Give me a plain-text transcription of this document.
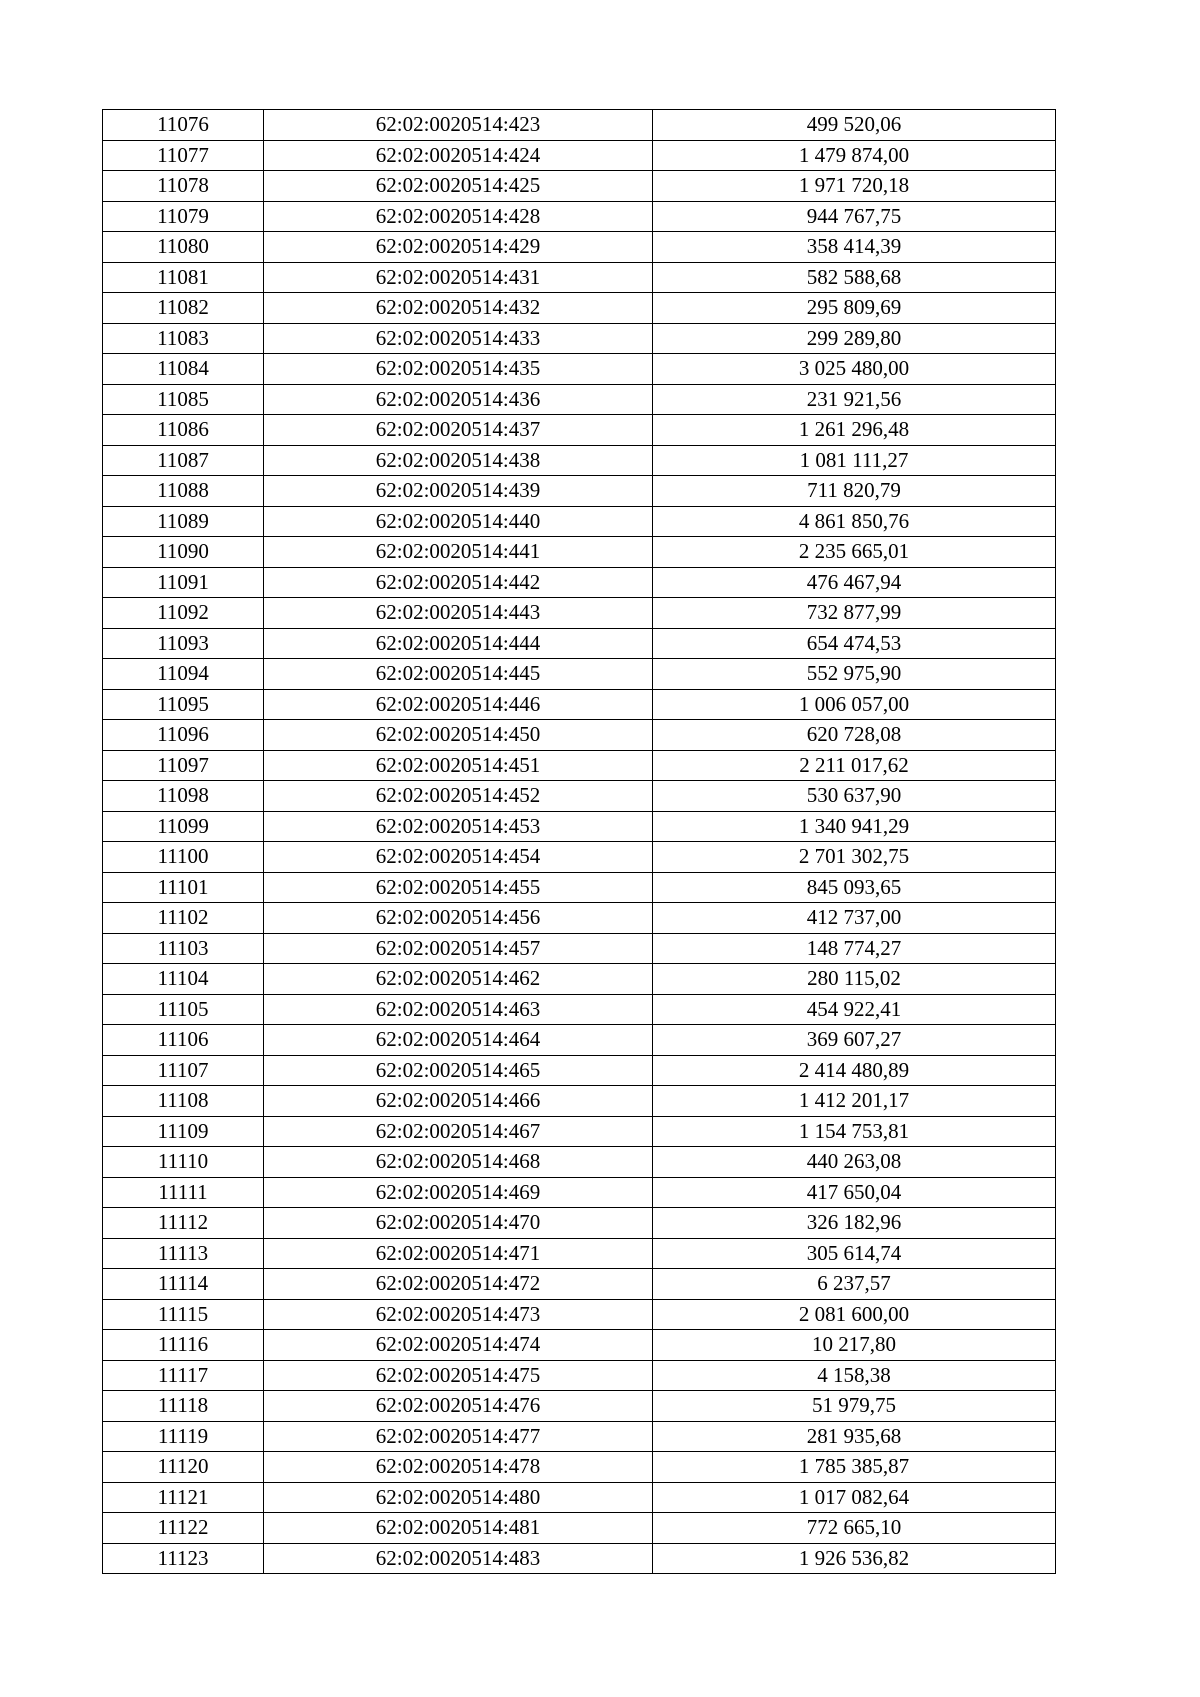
11076	62:02:0020514:423	499 520,06
11077	62:02:0020514:424	1 479 874,00
11078	62:02:0020514:425	1 971 720,18
11079	62:02:0020514:428	944 767,75
11080	62:02:0020514:429	358 414,39
11081	62:02:0020514:431	582 588,68
11082	62:02:0020514:432	295 809,69
11083	62:02:0020514:433	299 289,80
11084	62:02:0020514:435	3 025 480,00
11085	62:02:0020514:436	231 921,56
11086	62:02:0020514:437	1 261 296,48
11087	62:02:0020514:438	1 081 111,27
11088	62:02:0020514:439	711 820,79
11089	62:02:0020514:440	4 861 850,76
11090	62:02:0020514:441	2 235 665,01
11091	62:02:0020514:442	476 467,94
11092	62:02:0020514:443	732 877,99
11093	62:02:0020514:444	654 474,53
11094	62:02:0020514:445	552 975,90
11095	62:02:0020514:446	1 006 057,00
11096	62:02:0020514:450	620 728,08
11097	62:02:0020514:451	2 211 017,62
11098	62:02:0020514:452	530 637,90
11099	62:02:0020514:453	1 340 941,29
11100	62:02:0020514:454	2 701 302,75
11101	62:02:0020514:455	845 093,65
11102	62:02:0020514:456	412 737,00
11103	62:02:0020514:457	148 774,27
11104	62:02:0020514:462	280 115,02
11105	62:02:0020514:463	454 922,41
11106	62:02:0020514:464	369 607,27
11107	62:02:0020514:465	2 414 480,89
11108	62:02:0020514:466	1 412 201,17
11109	62:02:0020514:467	1 154 753,81
11110	62:02:0020514:468	440 263,08
11111	62:02:0020514:469	417 650,04
11112	62:02:0020514:470	326 182,96
11113	62:02:0020514:471	305 614,74
11114	62:02:0020514:472	6 237,57
11115	62:02:0020514:473	2 081 600,00
11116	62:02:0020514:474	10 217,80
11117	62:02:0020514:475	4 158,38
11118	62:02:0020514:476	51 979,75
11119	62:02:0020514:477	281 935,68
11120	62:02:0020514:478	1 785 385,87
11121	62:02:0020514:480	1 017 082,64
11122	62:02:0020514:481	772 665,10
11123	62:02:0020514:483	1 926 536,82
